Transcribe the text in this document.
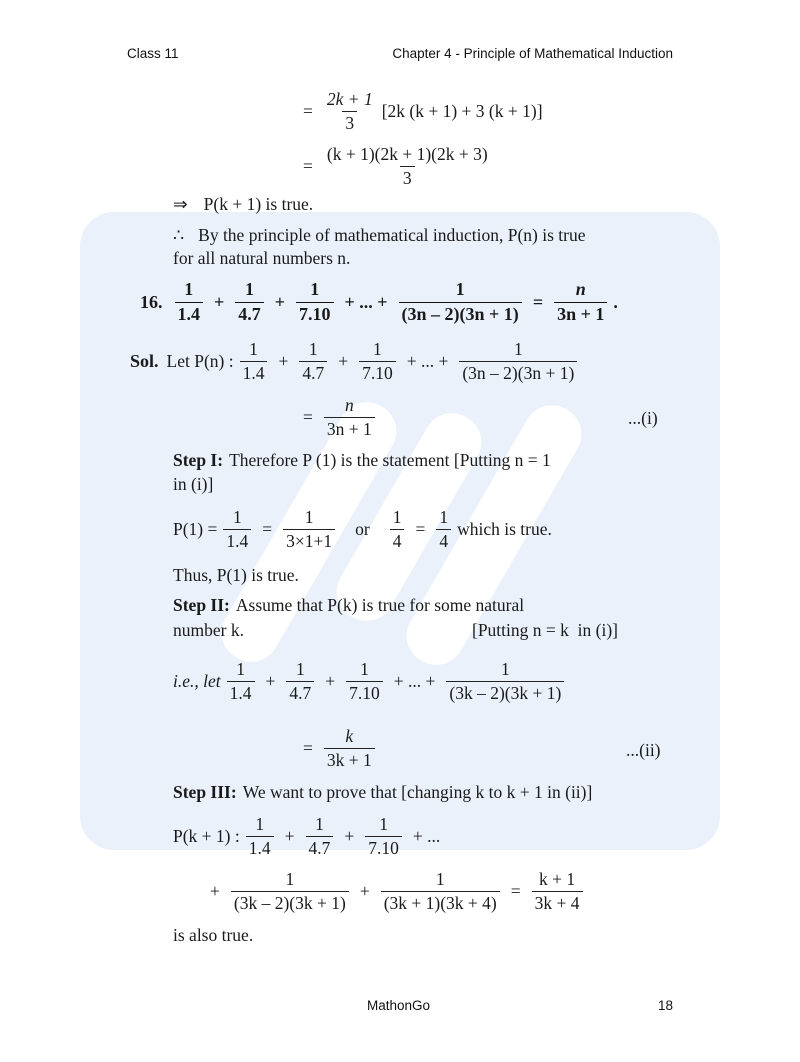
Class 11	Chapter 4 - Principle of Mathematical Induction
= $\frac{2k + 1}{3} [2k$ (k + 1) + 3 (k + 1)]
= $\frac{(k + 1)(2k + 1)(2k + 3)}{3}$
⇒ P(k + 1) is true.
∴ By the principle of mathematical induction, P(n) is true
for all natural numbers n.
16. $\frac{1}{1.4} + \frac{1}{4.7} + \frac{1}{7.10}$ + ... + $\frac{1}{(3n - 2)(3n + 1)} = \frac{n}{3n + 1}$ .
Sol. Let P(n) : $\frac{1}{1.4} + \frac{1}{4.7} + \frac{1}{7.10}$ + ... + $\frac{1}{(3n - 2)(3n + 1)}$
= $\frac{n}{3n + 1}$	...(i)
Step I: Therefore P (1) is the statement [Putting n = 1
in (i)]
$P(1) = \frac{1}{1.4} = \frac{1}{3\times 1+1}$ or $\frac{1}{4} = \frac{1}{4}$ which is true.
Thus, P(1) is true.
Step II: Assume that P(k) is true for some natural
number k.	[Putting n = k  in (i)]
i.e., let $\frac{1}{1.4} + \frac{1}{4.7} + \frac{1}{7.10}$ + ... + $\frac{1}{(3k - 2)(3k + 1)}$
= $\frac{k}{3k + 1}$	...(ii)
Step III: We want to prove that [changing k to k + 1 in (ii)]
P(k + 1) : $\frac{1}{1.4} + \frac{1}{4.7} + \frac{1}{7.10}$ + ...
+ $\frac{1}{(3k - 2)(3k + 1)} + \frac{1}{(3k + 1)(3k + 4)} = \frac{k + 1}{3k + 4}$
is also true.
MathonGo	18
